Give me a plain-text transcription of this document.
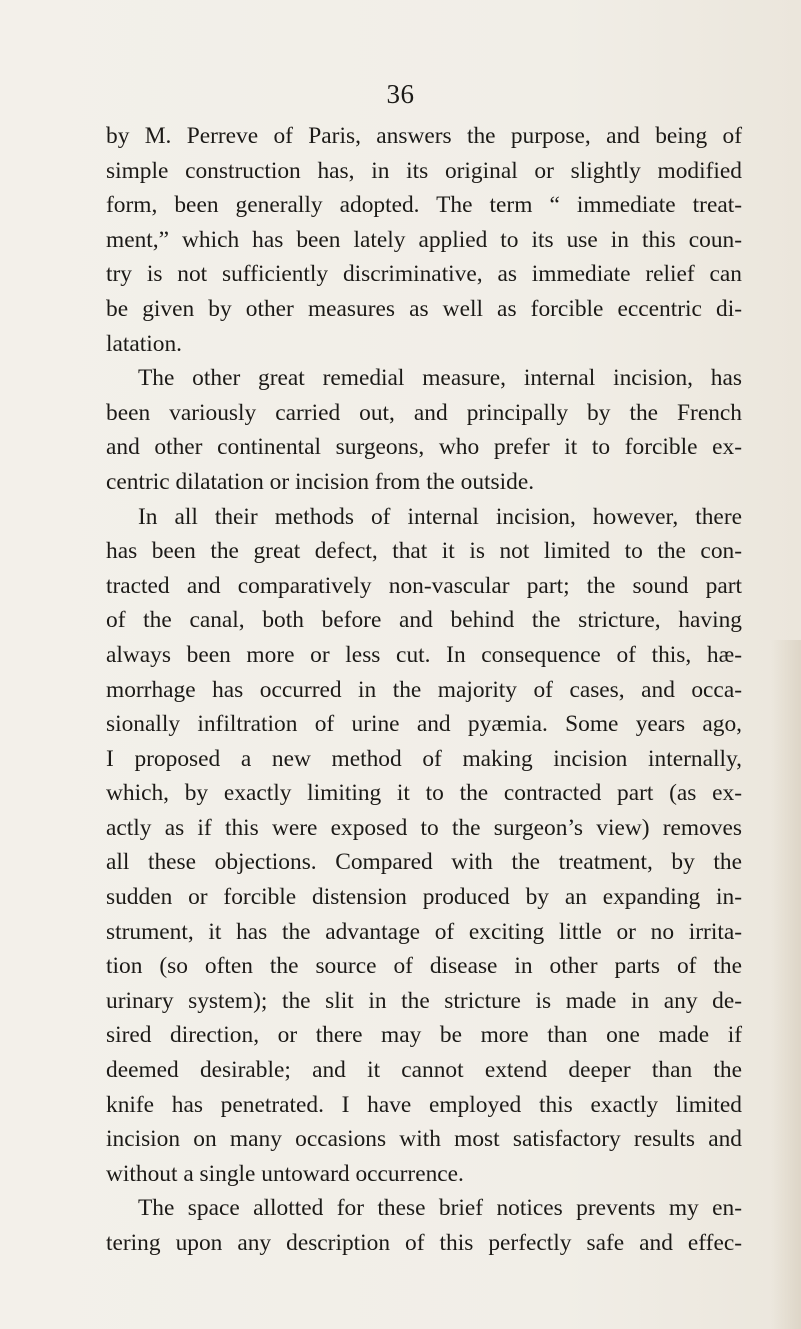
36
by M. Perreve of Paris, answers the purpose, and being of
simple construction has, in its original or slightly modified
form, been generally adopted. The term “ immediate treat-
ment,” which has been lately applied to its use in this coun-
try is not sufficiently discriminative, as immediate relief can
be given by other measures as well as forcible eccentric di-
latation.
The other great remedial measure, internal incision, has
been variously carried out, and principally by the French
and other continental surgeons, who prefer it to forcible ex-
centric dilatation or incision from the outside.
In all their methods of internal incision, however, there
has been the great defect, that it is not limited to the con-
tracted and comparatively non-vascular part; the sound part
of the canal, both before and behind the stricture, having
always been more or less cut. In consequence of this, hæ-
morrhage has occurred in the majority of cases, and occa-
sionally infiltration of urine and pyæmia. Some years ago,
I proposed a new method of making incision internally,
which, by exactly limiting it to the contracted part (as ex-
actly as if this were exposed to the surgeon’s view) removes
all these objections. Compared with the treatment, by the
sudden or forcible distension produced by an expanding in-
strument, it has the advantage of exciting little or no irrita-
tion (so often the source of disease in other parts of the
urinary system); the slit in the stricture is made in any de-
sired direction, or there may be more than one made if
deemed desirable; and it cannot extend deeper than the
knife has penetrated. I have employed this exactly limited
incision on many occasions with most satisfactory results and
without a single untoward occurrence.
The space allotted for these brief notices prevents my en-
tering upon any description of this perfectly safe and effec-
